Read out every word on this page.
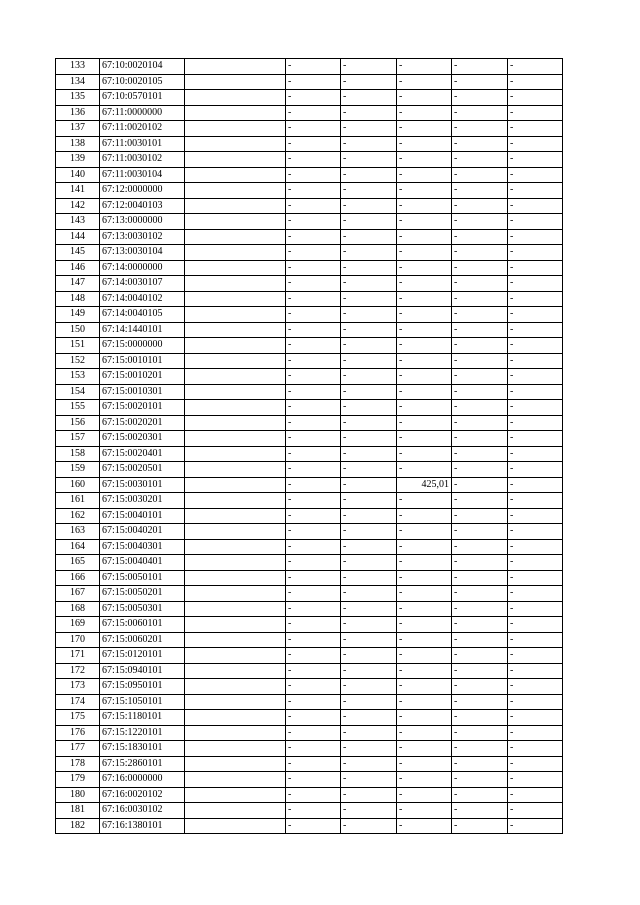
133	67:10:0020104		-	-	-	-	-
134	67:10:0020105		-	-	-	-	-
135	67:10:0570101		-	-	-	-	-
136	67:11:0000000		-	-	-	-	-
137	67:11:0020102		-	-	-	-	-
138	67:11:0030101		-	-	-	-	-
139	67:11:0030102		-	-	-	-	-
140	67:11:0030104		-	-	-	-	-
141	67:12:0000000		-	-	-	-	-
142	67:12:0040103		-	-	-	-	-
143	67:13:0000000		-	-	-	-	-
144	67:13:0030102		-	-	-	-	-
145	67:13:0030104		-	-	-	-	-
146	67:14:0000000		-	-	-	-	-
147	67:14:0030107		-	-	-	-	-
148	67:14:0040102		-	-	-	-	-
149	67:14:0040105		-	-	-	-	-
150	67:14:1440101		-	-	-	-	-
151	67:15:0000000		-	-	-	-	-
152	67:15:0010101		-	-	-	-	-
153	67:15:0010201		-	-	-	-	-
154	67:15:0010301		-	-	-	-	-
155	67:15:0020101		-	-	-	-	-
156	67:15:0020201		-	-	-	-	-
157	67:15:0020301		-	-	-	-	-
158	67:15:0020401		-	-	-	-	-
159	67:15:0020501		-	-	-	-	-
160	67:15:0030101		-	-	425,01	-	-
161	67:15:0030201		-	-	-	-	-
162	67:15:0040101		-	-	-	-	-
163	67:15:0040201		-	-	-	-	-
164	67:15:0040301		-	-	-	-	-
165	67:15:0040401		-	-	-	-	-
166	67:15:0050101		-	-	-	-	-
167	67:15:0050201		-	-	-	-	-
168	67:15:0050301		-	-	-	-	-
169	67:15:0060101		-	-	-	-	-
170	67:15:0060201		-	-	-	-	-
171	67:15:0120101		-	-	-	-	-
172	67:15:0940101		-	-	-	-	-
173	67:15:0950101		-	-	-	-	-
174	67:15:1050101		-	-	-	-	-
175	67:15:1180101		-	-	-	-	-
176	67:15:1220101		-	-	-	-	-
177	67:15:1830101		-	-	-	-	-
178	67:15:2860101		-	-	-	-	-
179	67:16:0000000		-	-	-	-	-
180	67:16:0020102		-	-	-	-	-
181	67:16:0030102		-	-	-	-	-
182	67:16:1380101		-	-	-	-	-
